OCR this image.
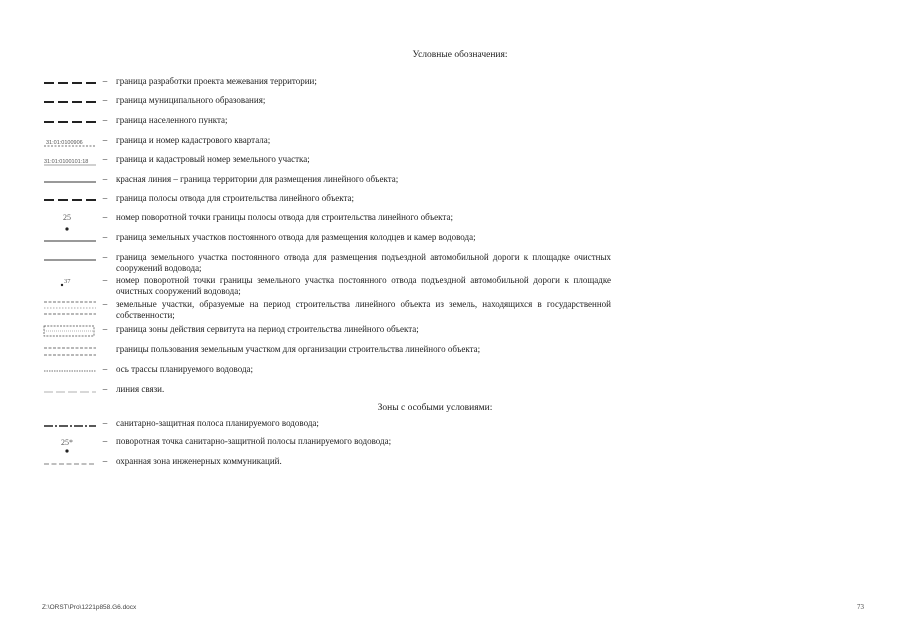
Условные обозначения:
– граница разработки проекта межевания территории;
– граница муниципального образования;
– граница населенного пункта;
31:01:0100906	– граница и номер кадастрового квартала;
31:01:0100101:18	– граница и кадастровый номер земельного участка;
– красная линия – граница территории для размещения линейного объекта;
– граница полосы отвода для строительства линейного объекта;
25	– номер поворотной точки границы полосы отвода для строительства линейного объекта;
– граница земельных участков постоянного отвода для размещения колодцев и камер водовода;
– граница земельного участка постоянного отвода для размещения подъездной автомобильной дороги к площадке очистных сооружений водовода;
37	– номер поворотной точки границы земельного участка постоянного отвода подъездной автомобильной дороги к площадке очистных сооружений водовода;
– земельные участки, образуемые на период строительства линейного объекта из земель, находящихся в государственной собственности;
– граница зоны действия сервитута на период строительства линейного объекта;
границы пользования земельным участком для организации строительства линейного объекта;
– ось трассы планируемого водовода;
– линия связи.
Зоны с особыми условиями:
– санитарно-защитная полоса планируемого водовода;
25*	– поворотная точка санитарно-защитной полосы планируемого водовода;
– охранная зона инженерных коммуникаций.
Z:\ORST\Pro\1221p858.G6.docx	73
